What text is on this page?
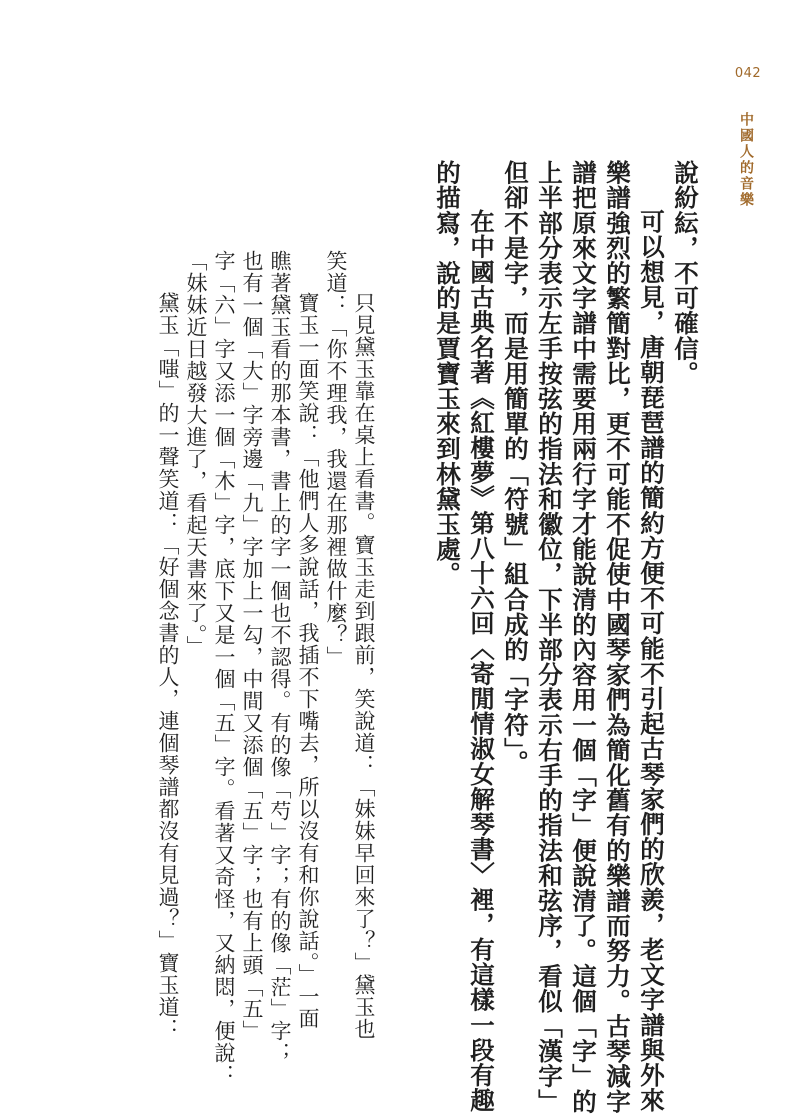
042
中國人的音樂
說紛紜，不可確信。
可以想見，唐朝琵琶譜的簡約方便不可能不引起古琴家們的欣羨，老文字譜與外來
樂譜強烈的繁簡對比，更不可能不促使中國琴家們為簡化舊有的樂譜而努力。古琴減字
譜把原來文字譜中需要用兩行字才能說清的內容用一個「字」便說清了。這個「字」的
上半部分表示左手按弦的指法和徽位，下半部分表示右手的指法和弦序，看似「漢字」
但卻不是字，而是用簡單的「符號」組合成的「字符」。
在中國古典名著《紅樓夢》第八十六回〈寄閒情淑女解琴書〉裡，有這樣一段有趣
的描寫，說的是賈寶玉來到林黛玉處。
只見黛玉靠在桌上看書。寶玉走到跟前，笑說道：「妹妹早回來了？」黛玉也
笑道：「你不理我，我還在那裡做什麼？」
寶玉一面笑說：「他們人多說話，我插不下嘴去，所以沒有和你說話。」一面
瞧著黛玉看的那本書，書上的字一個也不認得。有的像「芍」字；有的像「茫」字；
也有一個「大」字旁邊「九」字加上一勾，中間又添個「五」字；也有上頭「五」
字「六」字又添一個「木」字，底下又是一個「五」字。看著又奇怪，又納悶，便說：
「妹妹近日越發大進了，看起天書來了。」
黛玉「嗤」的一聲笑道：「好個念書的人，連個琴譜都沒有見過？」寶玉道：
